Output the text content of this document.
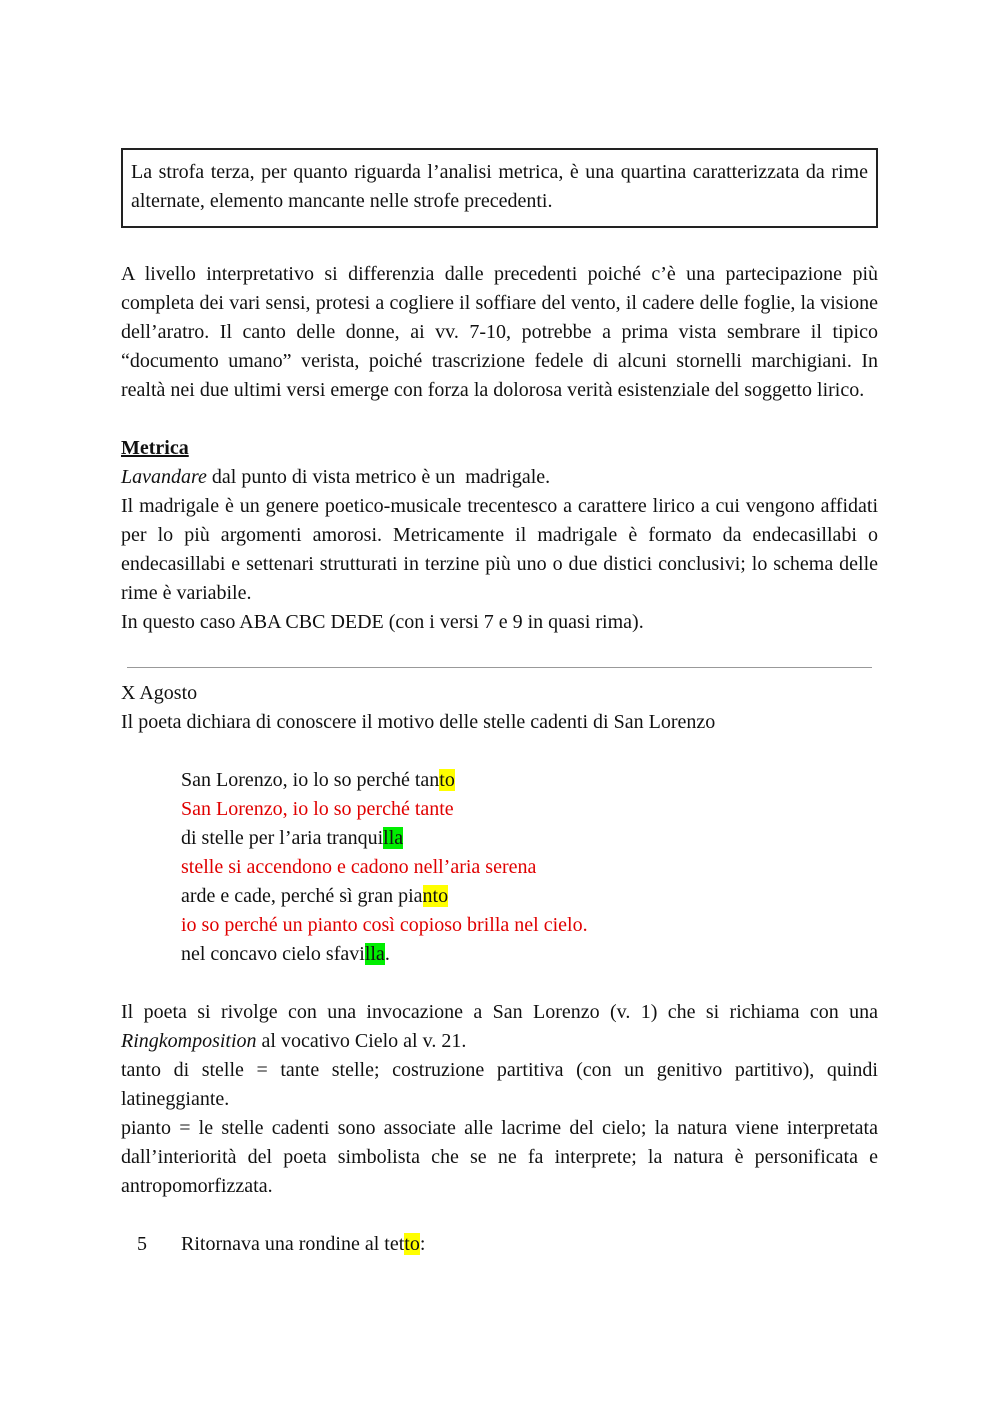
La strofa terza, per quanto riguarda l’analisi metrica, è una quartina caratterizzata da rime alternate, elemento mancante nelle strofe precedenti.

A livello interpretativo si differenzia dalle precedenti poiché c’è una partecipazione più completa dei vari sensi, protesi a cogliere il soffiare del vento, il cadere delle foglie, la visione dell’aratro. Il canto delle donne, ai vv. 7-10, potrebbe a prima vista sembrare il tipico “documento umano” verista, poiché trascrizione fedele di alcuni stornelli marchigiani. In realtà nei due ultimi versi emerge con forza la dolorosa verità esistenziale del soggetto lirico.

Metrica

Lavandare dal punto di vista metrico è un  madrigale.

Il madrigale è un genere poetico-musicale trecentesco a carattere lirico a cui vengono affidati per lo più argomenti amorosi. Metricamente il madrigale è formato da endecasillabi o endecasillabi e settenari strutturati in terzine più uno o due distici conclusivi; lo schema delle rime è variabile.

In questo caso ABA CBC DEDE (con i versi 7 e 9 in quasi rima).

X Agosto

Il poeta dichiara di conoscere il motivo delle stelle cadenti di San Lorenzo

San Lorenzo, io lo so perché tanto
San Lorenzo, io lo so perché tante
di stelle per l’aria tranquilla
stelle si accendono e cadono nell’aria serena
arde e cade, perché sì gran pianto
io so perché un pianto così copioso brilla nel cielo.
nel concavo cielo sfavilla.

Il poeta si rivolge con una invocazione a San Lorenzo (v. 1) che si richiama con una Ringkomposition al vocativo Cielo al v. 21.

tanto di stelle = tante stelle; costruzione partitiva (con un genitivo partitivo), quindi latineggiante.

pianto = le stelle cadenti sono associate alle lacrime del cielo; la natura viene interpretata dall’interiorità del poeta simbolista che se ne fa interprete; la natura è personificata e antropomorfizzata.

5 Ritornava una rondine al tetto:
